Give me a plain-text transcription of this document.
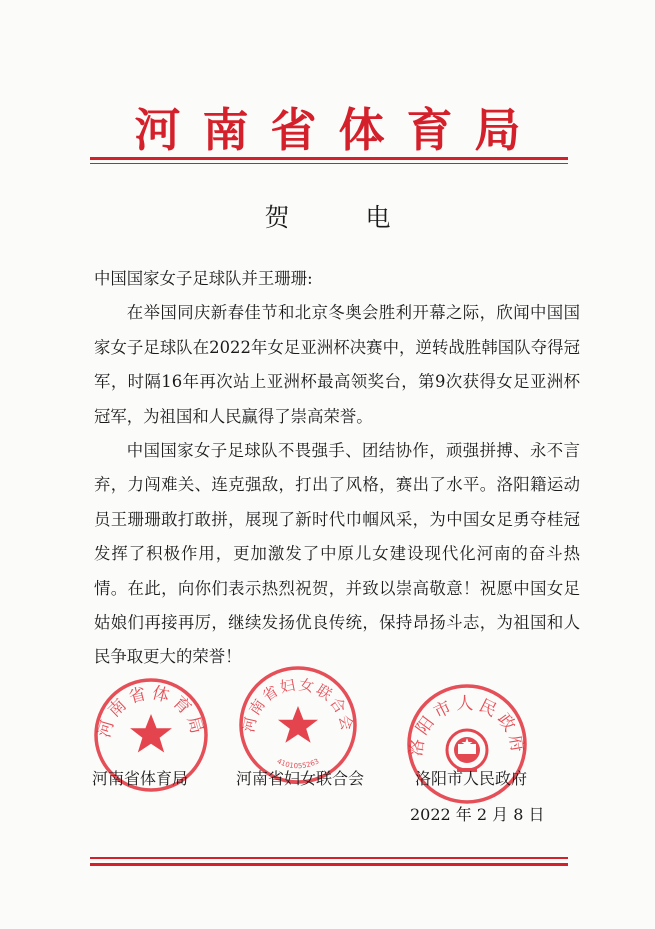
河南省体育局
贺 电

中国国家女子足球队并王珊珊:

在举国同庆新春佳节和北京冬奥会胜利开幕之际，欣闻中国国家女子足球队在2022年女足亚洲杯决赛中，逆转战胜韩国队夺得冠军，时隔16年再次站上亚洲杯最高领奖台，第9次获得女足亚洲杯冠军，为祖国和人民赢得了崇高荣誉。

中国国家女子足球队不畏强手、团结协作，顽强拼搏、永不言弃，力闯难关、连克强敌，打出了风格，赛出了水平。洛阳籍运动员王珊珊敢打敢拼，展现了新时代巾帼风采，为中国女足勇夺桂冠发挥了积极作用，更加激发了中原儿女建设现代化河南的奋斗热情。在此，向你们表示热烈祝贺，并致以崇高敬意！祝愿中国女足姑娘们再接再厉，继续发扬优良传统，保持昂扬斗志，为祖国和人民争取更大的荣誉！

河南省体育局 河南省妇女联合会
4101055263
洛阳市人民政府
河南省体育局	河南省妇女联合会	洛阳市人民政府
2022 年 2 月 8 日
